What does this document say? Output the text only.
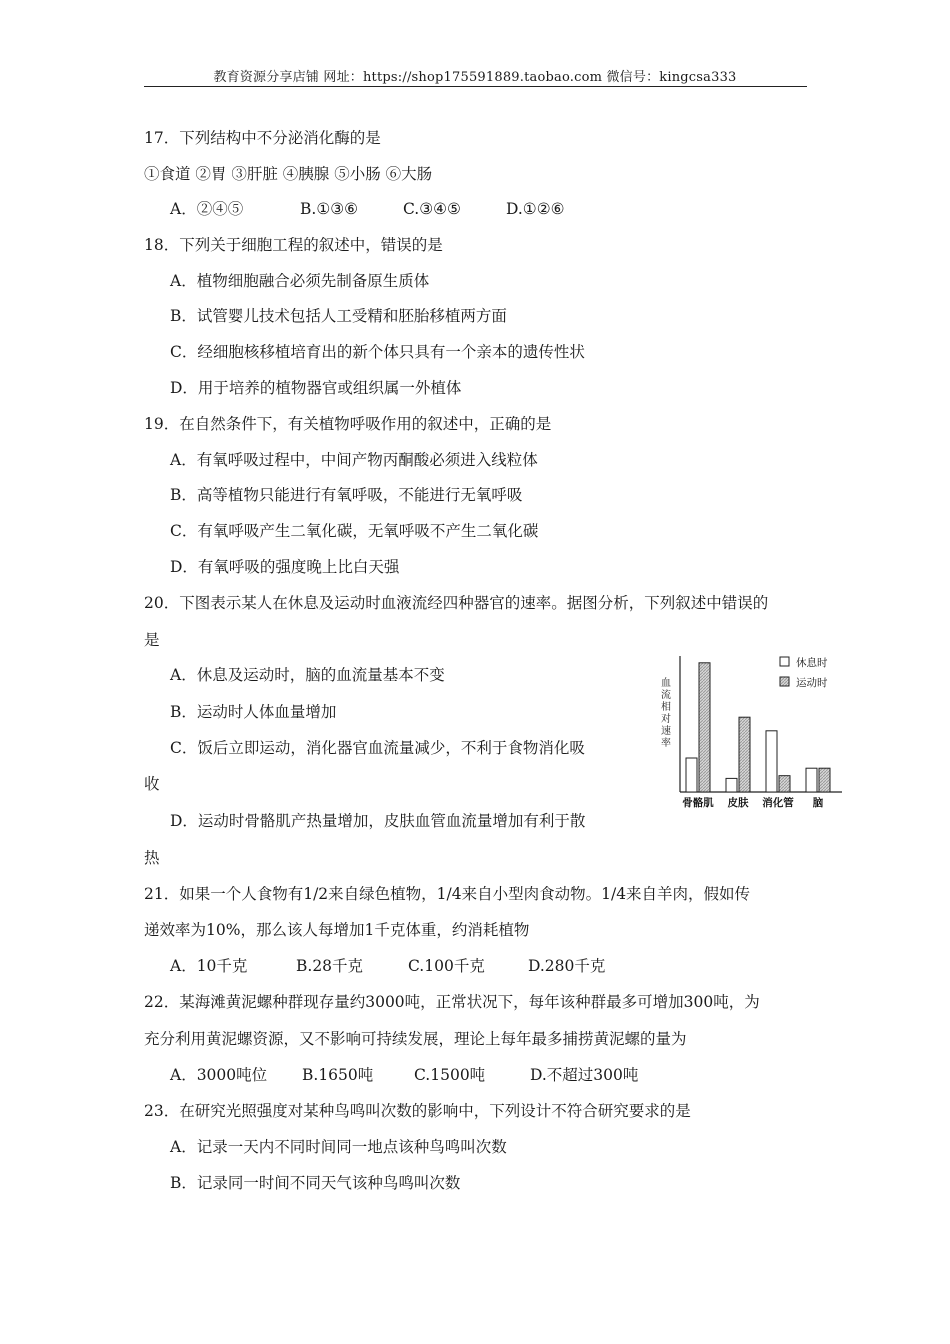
教育资源分享店铺 网址：https://shop175591889.taobao.com 微信号：kingcsa333
17．下列结构中不分泌消化酶的是
①食道 ②胃 ③肝脏 ④胰腺 ⑤小肠 ⑥大肠
A．②④⑤	B.①③⑥	C.③④⑤	D.①②⑥
18．下列关于细胞工程的叙述中，错误的是
A．植物细胞融合必须先制备原生质体
B．试管婴儿技术包括人工受精和胚胎移植两方面
C．经细胞核移植培育出的新个体只具有一个亲本的遗传性状
D．用于培养的植物器官或组织属一外植体
19．在自然条件下，有关植物呼吸作用的叙述中，正确的是
A．有氧呼吸过程中，中间产物丙酮酸必须进入线粒体
B．高等植物只能进行有氧呼吸，不能进行无氧呼吸
C．有氧呼吸产生二氧化碳，无氧呼吸不产生二氧化碳
D．有氧呼吸的强度晚上比白天强
20．下图表示某人在休息及运动时血液流经四种器官的速率。据图分析，下列叙述中错误的
是
A．休息及运动时，脑的血流量基本不变
B．运动时人体血量增加
C．饭后立即运动，消化器官血流量减少，不利于食物消化吸
收
D．运动时骨骼肌产热量增加，皮肤血管血流量增加有利于散
热
血
流
相
对
速
率
骨骼肌 皮肤 消化管 脑
休息时
运动时
21．如果一个人食物有1/2来自绿色植物，1/4来自小型肉食动物。1/4来自羊肉，假如传
递效率为10%，那么该人每增加1千克体重，约消耗植物
A．10千克	B.28千克	C.100千克	D.280千克
22．某海滩黄泥螺种群现存量约3000吨，正常状况下，每年该种群最多可增加300吨，为
充分利用黄泥螺资源，又不影响可持续发展，理论上每年最多捕捞黄泥螺的量为
A．3000吨位 B.1650吨	C.1500吨	D.不超过300吨
23．在研究光照强度对某种鸟鸣叫次数的影响中，下列设计不符合研究要求的是
A．记录一天内不同时间同一地点该种鸟鸣叫次数
B．记录同一时间不同天气该种鸟鸣叫次数
